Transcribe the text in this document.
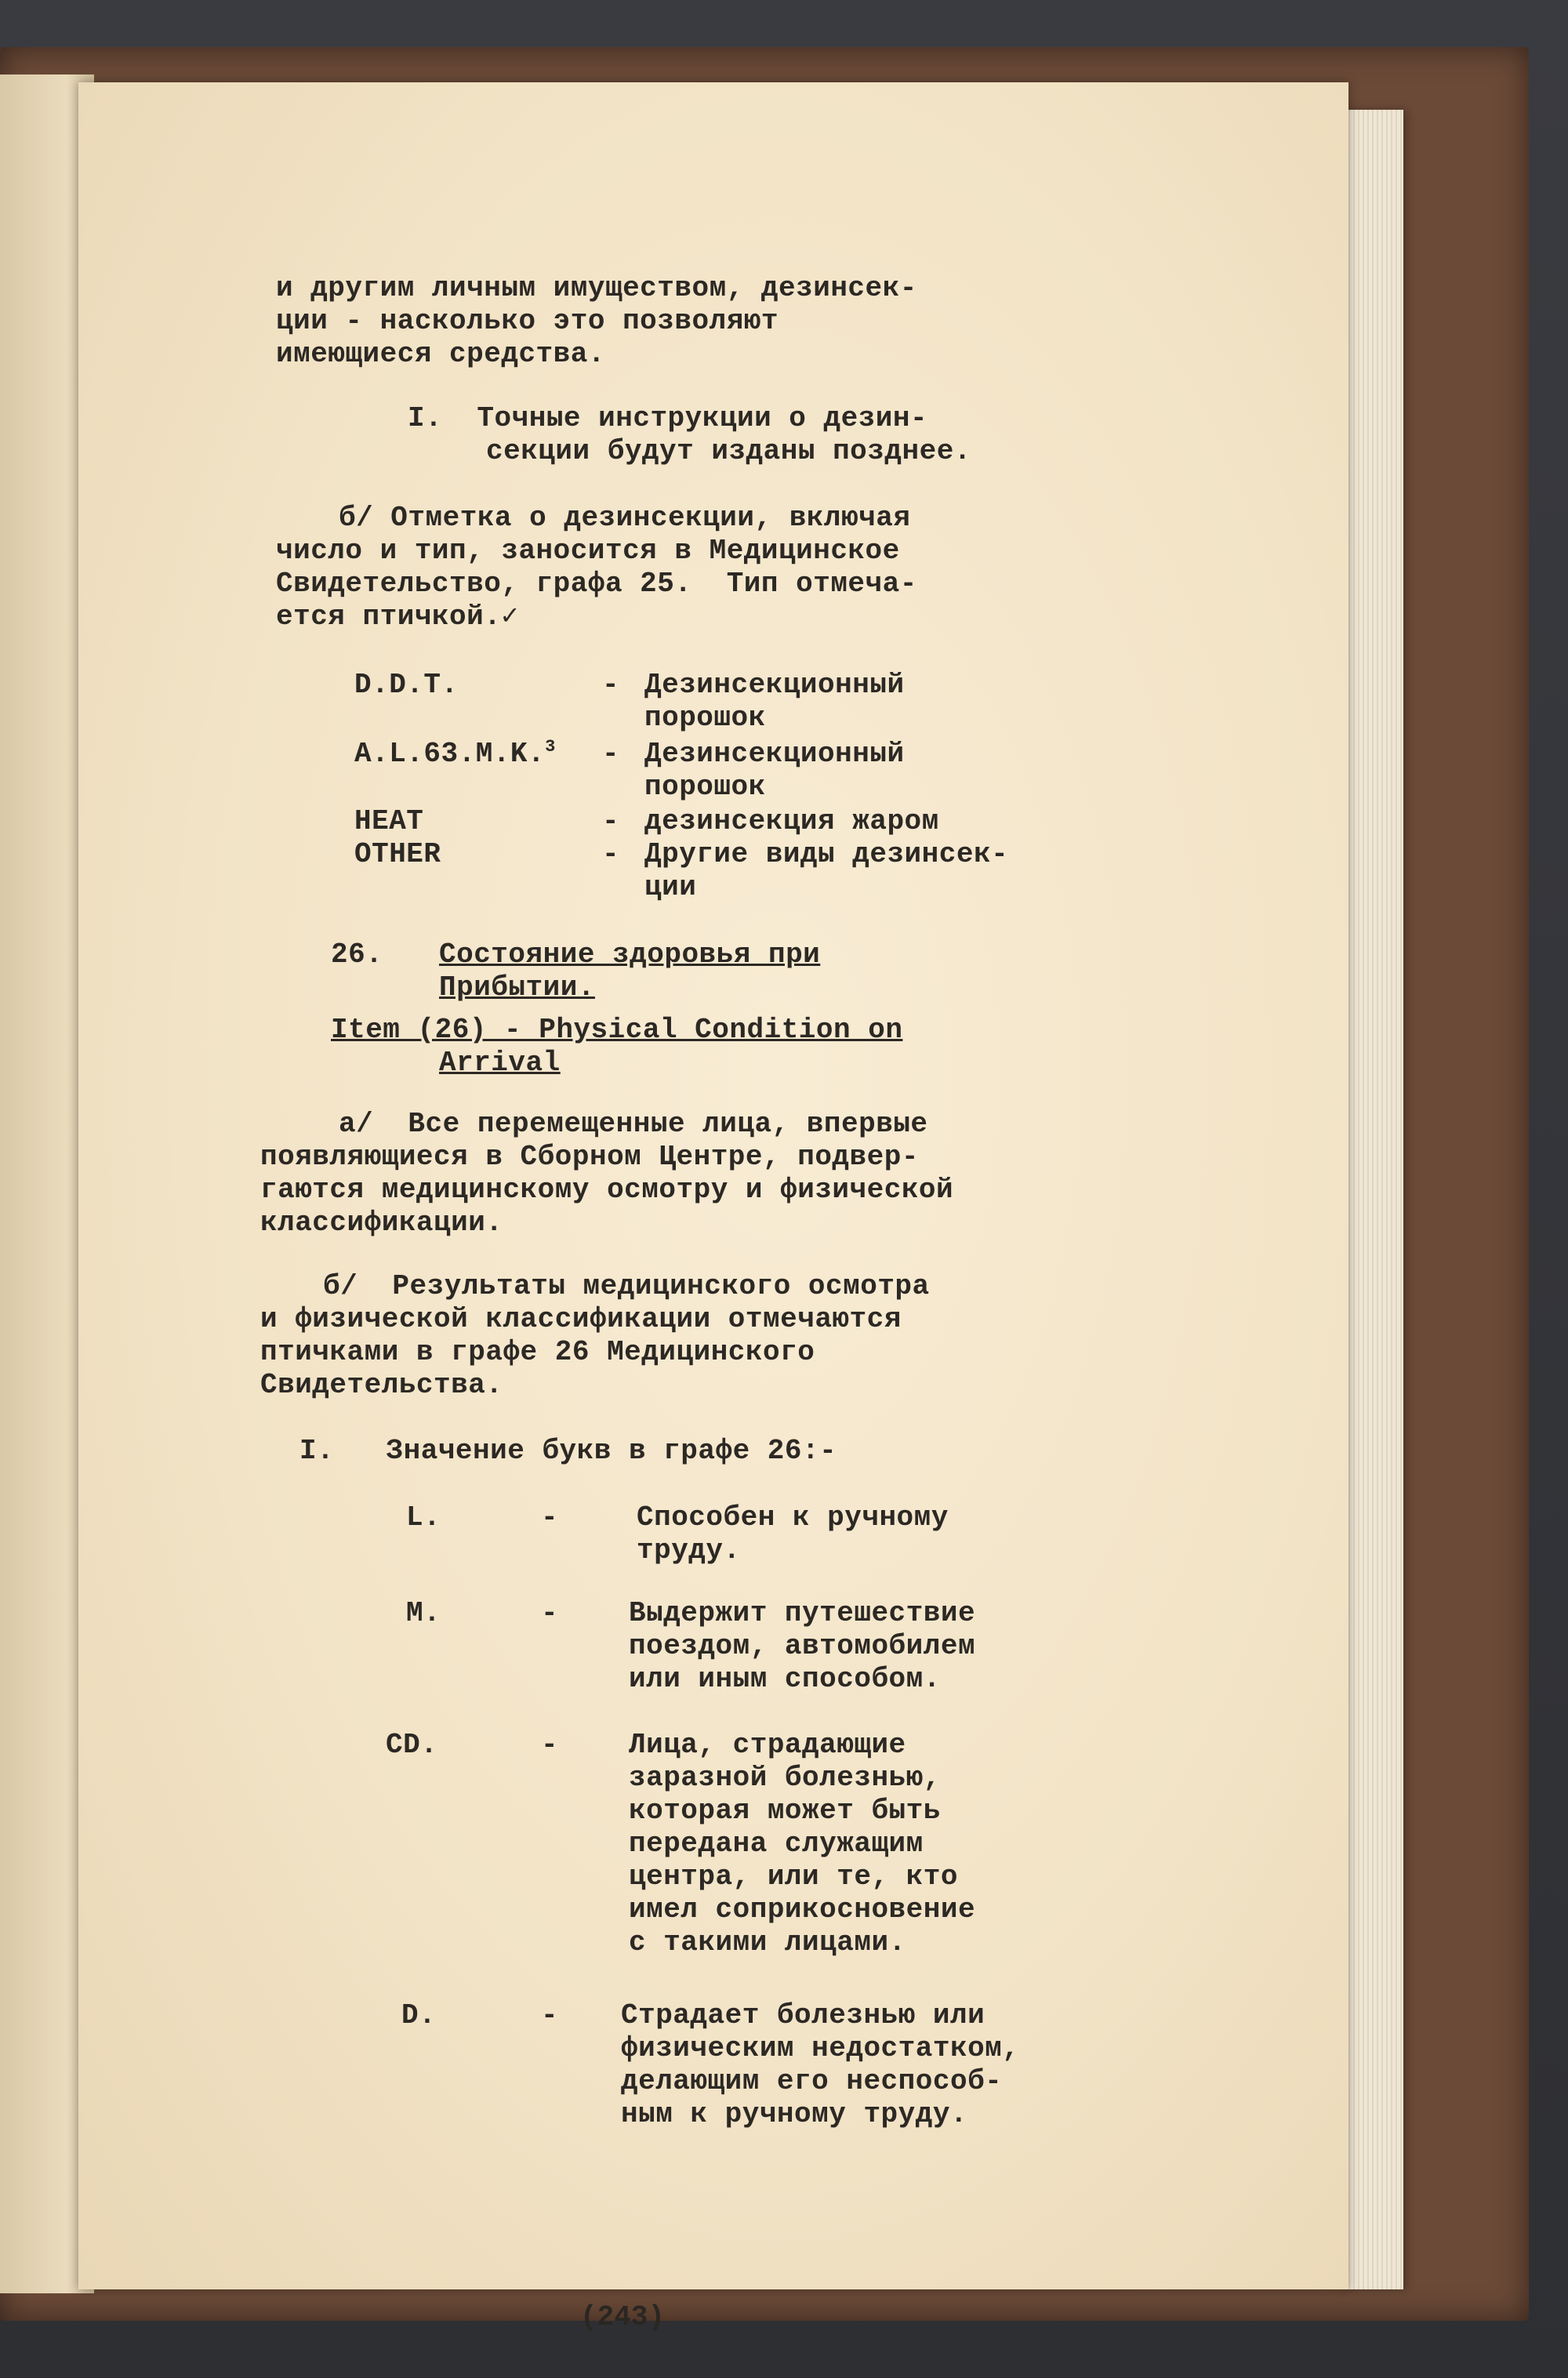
и другим личным имуществом, дезинсек-
ции - насколько это позволяют
имеющиеся средства.
I.  Точные инструкции о дезин-
секции будут изданы позднее.
б/ Отметка о дезинсекции, включая
число и тип, заносится в Медицинское
Свидетельство, графа 25.  Тип отмеча-
ется птичкой.✓
D.D.T.	- Дезинсекционный
порошок
A.L.63.M.K.$^3$ - Дезинсекционный
порошок
HEAT	- дезинсекция жаром
OTHER	- Другие виды дезинсек-
ции
26. Состояние здоровья при
Прибытии.
Item (26) - Physical Condition on
Arrival
а/  Все перемещенные лица, впервые
появляющиеся в Сборном Центре, подвер-
гаются медицинскому осмотру и физической
классификации.
б/  Результаты медицинского осмотра
и физической классификации отмечаются
птичками в графе 26 Медицинского
Свидетельства.
I.   Значение букв в графе 26:-
L.	-	Способен к ручному
труду.
M.	- Выдержит путешествие
поездом, автомобилем
или иным способом.
CD.	- Лица, страдающие
заразной болезнью,
которая может быть
передана служащим
центра, или те, кто
имел соприкосновение
с такими лицами.
D.	- Страдает болезнью или
физическим недостатком,
делающим его неспособ-
ным к ручному труду.
(243)
